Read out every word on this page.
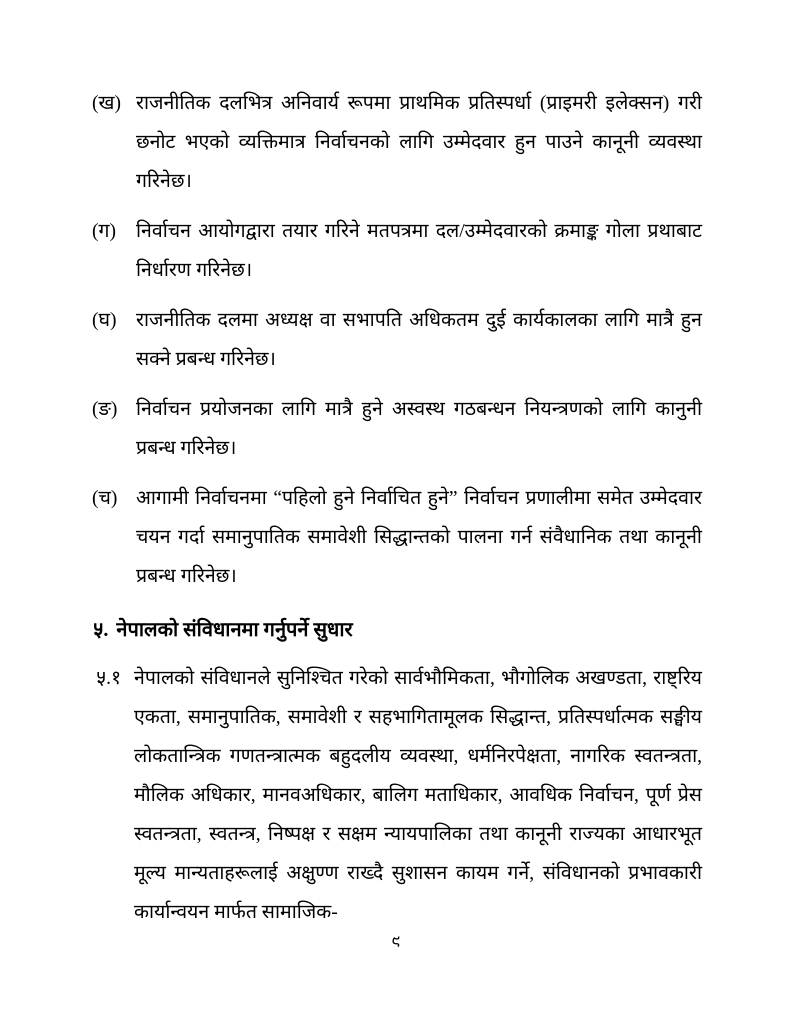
(ख) राजनीतिक दलभित्र अनिवार्य रूपमा प्राथमिक प्रतिस्पर्धा (प्राइमरी इलेक्सन) गरी छनोट भएको व्यक्तिमात्र निर्वाचनको लागि उम्मेदवार हुन पाउने कानूनी व्यवस्था गरिनेछ।
(ग)	निर्वाचन आयोगद्वारा तयार गरिने मतपत्रमा दल/उम्मेदवारको क्रमाङ्क गोला प्रथाबाट निर्धारण गरिनेछ।
(घ) राजनीतिक दलमा अध्यक्ष वा सभापति अधिकतम दुई कार्यकालका लागि मात्रै हुन सक्ने प्रबन्ध गरिनेछ।
(ङ) निर्वाचन प्रयोजनका लागि मात्रै हुने अस्वस्थ गठबन्धन नियन्त्रणको लागि कानुनी प्रबन्ध गरिनेछ।
(च) आगामी निर्वाचनमा “पहिलो हुने निर्वाचित हुने” निर्वाचन प्रणालीमा समेत उम्मेदवार चयन गर्दा समानुपातिक समावेशी सिद्धान्तको पालना गर्न संवैधानिक तथा कानूनी प्रबन्ध गरिनेछ।
५. नेपालको संविधानमा गर्नुपर्ने सुधार
५.१ नेपालको संविधानले सुनिश्चित गरेको सार्वभौमिकता, भौगोलिक अखण्डता, राष्ट्रिय एकता, समानुपातिक, समावेशी र सहभागितामूलक सिद्धान्त, प्रतिस्पर्धात्मक सङ्घीय लोकतान्त्रिक गणतन्त्रात्मक बहुदलीय व्यवस्था, धर्मनिरपेक्षता, नागरिक स्वतन्त्रता, मौलिक अधिकार, मानवअधिकार, बालिग मताधिकार, आवधिक निर्वाचन, पूर्ण प्रेस स्वतन्त्रता, स्वतन्त्र, निष्पक्ष र सक्षम न्यायपालिका तथा कानूनी राज्यका आधारभूत मूल्य मान्यताहरूलाई अक्षुण्ण राख्दै सुशासन कायम गर्ने, संविधानको प्रभावकारी कार्यान्वयन मार्फत सामाजिक-
९
